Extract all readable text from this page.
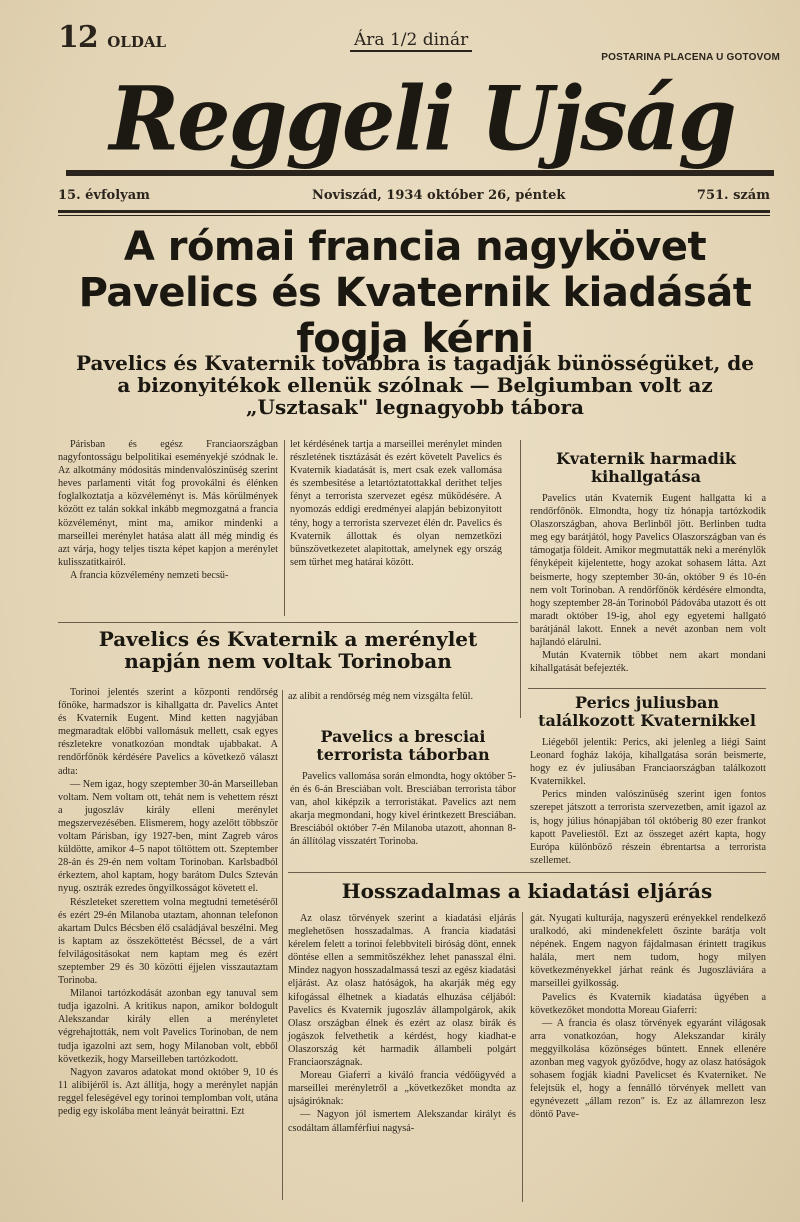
12 OLDAL	Ára 1/2 dinár
POSTARINA PLACENA U GOTOVOM
Reggeli Ujság
15. évfolyam	Noviszád, 1934 október 26, péntek	751. szám
A római francia nagykövet
Pavelics és Kvaternik kiadását
fogja kérni
Pavelics és Kvaternik továbbra is tagadják bünösségüket, de a bizonyitékok ellenük szólnak — Belgiumban volt az „Usztasak" legnagyobb tábora

Párisban és egész Franciaországban nagyfontosságu belpolitikai eseményekjé szódnak le. Az alkotmány módositás mindenvalószinüség szerint heves parlamenti vitát fog provokálni és élénken foglalkoztatja a közvéleményt is. Más körülmények között ez talán sokkal inkább megmozgatná a francia közvéleményt, mint ma, amikor mindenki a marseillei merénylet hatása alatt áll még mindig és azt várja, hogy teljes tiszta képet kapjon a merénylet kulisszatitkairól.

A francia közvélemény nemzeti becsü-

let kérdésének tartja a marseillei merénylet minden részletének tisztázását és ezért követelt Pavelics és Kvaternik kiadatását is, mert csak ezek vallomása és szembesitése a letartóztatottakkal derithet teljes fényt a terrorista szervezet egész működésére. A nyomozás eddigi eredményei alapján bebizonyitott tény, hogy a terrorista szervezet élén dr. Pavelics és Kvaternik állottak és olyan nemzetközi bünszövetkezetet alapitottak, amelynek egy ország sem türhet meg határai között.

Kvaternik harmadik kihallgatása

Pavelics után Kvaternik Eugent hallgatta ki a rendőrfőnök. Elmondta, hogy tíz hónapja tartózkodik Olaszországban, ahova Berlinből jött. Berlinben tudta meg egy barátjától, hogy Pavelics Olaszországban van és támogatja földeit. Amikor megmutatták neki a merénylők fényképeit kijelentette, hogy azokat sohasem látta. Azt beismerte, hogy szeptember 30-án, október 9 és 10-én nem volt Torinoban. A rendőrfőnök kérdésére elmondta, hogy szeptember 28-án Torinoból Pádovába utazott és ott maradt október 19-ig, ahol egy egyetemi hallgató barátjánál lakott. Ennek a nevét azonban nem volt hajlandó elárulni.

Mután Kvaternik többet nem akart mondani kihallgatását befejezték.

Pavelics és Kvaternik a merénylet napján nem voltak Torinoban

Torinoi jelentés szerint a központi rendőrség főnöke, harmadszor is kihallgatta dr. Pavelics Antet és Kvaternik Eugent. Mind ketten nagyjában megmaradtak előbbi vallomásuk mellett, csak egyes részletekre vonatkozóan mondtak ujabbakat. A rendőrfőnök kérdésére Pavelics a következő választ adta:

— Nem igaz, hogy szeptember 30-án Marseilleban voltam. Nem voltam ott, tehát nem is vehettem részt a jugoszláv király elleni merénylet megszervezésében. Elismerem, hogy azelőtt többször voltam Párisban, így 1927-ben, mint Zagreb város küldötte, amikor 4–5 napot töltöttem ott. Szeptember 28-án és 29-én nem voltam Torinoban. Karlsbadból érkeztem, ahol kaptam, hogy barátom Dulcs Szteván nyug. osztrák ezredes öngyilkosságot követett el.

Részleteket szerettem volna megtudni temetéséről és ezért 29-én Milanoba utaztam, ahonnan telefonon akartam Dulcs Bécsben élő családjával beszélni. Meg is kaptam az összeköttetést Bécssel, de a várt felvilágositásokat nem kaptam meg és ezért szeptember 29 és 30 közötti éjjelen visszautaztam Torinoba.

Milanoi tartózkodását azonban egy tanuval sem tudja igazolni. A kritikus napon, amikor boldogult Alekszandar király ellen a merényletet végrehajtották, nem volt Pavelics Torinoban, de nem tudja igazolni azt sem, hogy Milanoban volt, ebből következik, hogy Marseilleben tartózkodott.

Nagyon zavaros adatokat mond október 9, 10 és 11 alibijéről is. Azt állítja, hogy a merénylet napján reggel feleségével egy torinoi templomban volt, utána pedig egy iskolába ment leányát beirattni. Ezt

az alibit a rendőrség még nem vizsgálta felül.

Pavelics a bresciai terrorista táborban

Pavelics vallomása során elmondta, hogy október 5-én és 6-án Bresciában volt. Bresciában terrorista tábor van, ahol kiképzik a terroristákat. Pavelics azt nem akarja megmondani, hogy kivel érintkezett Bresciában. Bresciából október 7-én Milanoba utazott, ahonnan 8-án állítólag visszatért Torinoba.

Perics juliusban találkozott Kvaternikkel

Liégeből jelentik: Perics, aki jelenleg a liégi Saint Leonard fogház lakója, kihallgatása során beismerte, hogy ez év juliusában Franciaországban találkozott Kvaternikkel.

Perics minden valószinüség szerint igen fontos szerepet játszott a terrorista szervezetben, amit igazol az is, hogy július hónapjában tól októberig 80 ezer frankot kapott Paveliestől. Ezt az összeget azért kapta, hogy Európa különböző részein ébrentartsa a terrorista szellemet.

Hosszadalmas a kiadatási eljárás

Az olasz törvények szerint a kiadatási eljárás meglehetősen hosszadalmas. A francia kiadatási kérelem felett a torinoi felebbviteli biróság dönt, ennek döntése ellen a semmitőszékhez lehet panasszal élni. Mindez nagyon hosszadalmassá teszi az egész kiadatási eljárást. Az olasz hatóságok, ha akarják még egy kifogással élhetnek a kiadatás elhuzása céljából: Pavelics és Kvaternik jugoszláv állampolgárok, akik Olasz országban élnek és ezért az olasz birák és jogászok felvethetik a kérdést, hogy kiadhat-e Olaszország két harmadik állambeli polgárt Franciaországnak.

Moreau Giaferri a kiváló francia védőügyvéd a marseillei merényletről a „következőket mondta az ujságiróknak:

— Nagyon jól ismertem Alekszandar királyt és csodáltam államférfiui nagysá-

gát. Nyugati kulturája, nagyszerű erényekkel rendelkező uralkodó, aki mindenekfelett őszinte barátja volt népének. Engem nagyon fájdalmasan érintett tragikus halála, mert nem tudom, hogy milyen következményekkel járhat reánk és Jugoszláviára a marseillei gyilkosság.

Pavelics és Kvaternik kiadatása ügyében a következőket mondotta Moreau Giaferri:

— A francia és olasz törvények egyaránt világosak arra vonatkozóan, hogy Alekszandar király meggyilkolása közönséges bűntett. Ennek ellenére azonban meg vagyok győződve, hogy az olasz hatóságok sohasem fogják kiadni Pavelicset és Kvaterniket. Ne felejtsük el, hogy a fennálló törvények mellett van egynévezett „állam rezon" is. Ez az államrezon lesz döntő Pave-
